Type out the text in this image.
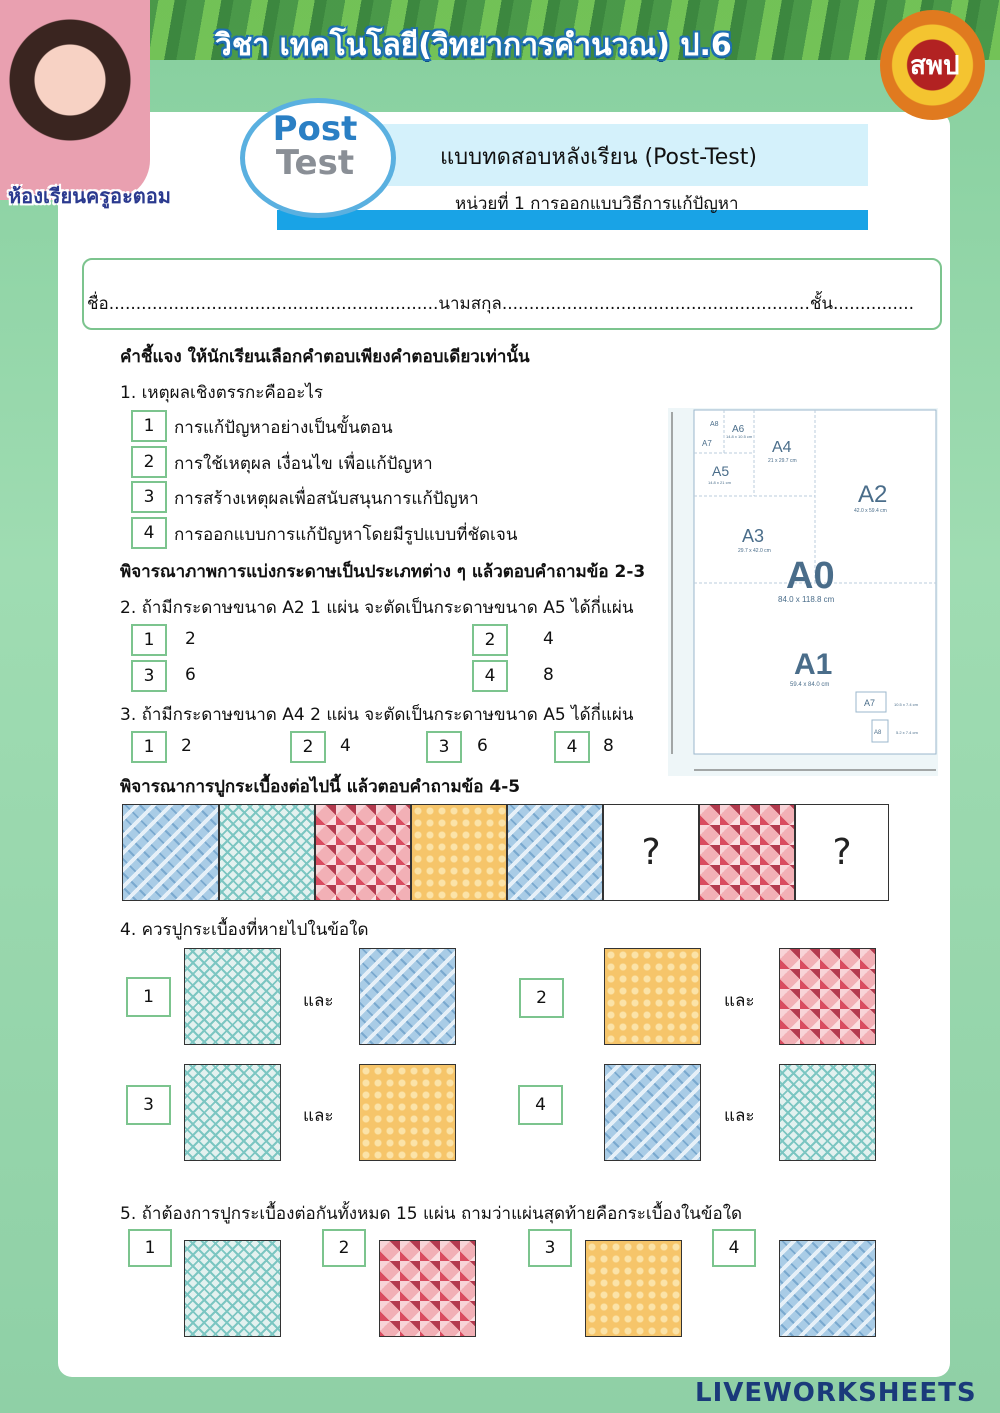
ห้องเรียนครูอะตอม
วิชา เทคโนโลยี(วิทยาการคำนวณ) ป.6
สพป
แบบทดสอบหลังเรียน (Post-Test)
หน่วยที่ 1 การออกแบบวิธีการแก้ปัญหา
Post
Test
ชื่อ.............................................................นามสกุล.........................................................ชั้น...............
คำชี้แจง ให้นักเรียนเลือกคำตอบเพียงคำตอบเดียวเท่านั้น
1. เหตุผลเชิงตรรกะคืออะไร
1	การแก้ปัญหาอย่างเป็นขั้นตอน
2	การใช้เหตุผล เงื่อนไข เพื่อแก้ปัญหา
3	การสร้างเหตุผลเพื่อสนับสนุนการแก้ปัญหา
4	การออกแบบการแก้ปัญหาโดยมีรูปแบบที่ชัดเจน
พิจารณาภาพการแบ่งกระดาษเป็นประเภทต่าง ๆ แล้วตอบคำถามข้อ 2-3
2. ถ้ามีกระดาษขนาด A2 1 แผ่น จะตัดเป็นกระดาษขนาด A5 ได้กี่แผ่น
1	2	2	4
3	6	4	8
3. ถ้ามีกระดาษขนาด A4 2 แผ่น จะตัดเป็นกระดาษขนาด A5 ได้กี่แผ่น
1	2	2	4	3	6	4	8
A8 A6
14.8 x 10.5 cm
A7	A4
21 x 29.7 cm
A5
14.8 x 21 cm	A2
42.0 x 59.4 cm
A3
29.7 x 42.0 cm
A0
84.0 x 118.8 cm
A1
59.4 x 84.0 cm
A7	10.5 x 7.4 cm
A8	5.2 x 7.4 cm
พิจารณาการปูกระเบื้องต่อไปนี้ แล้วตอบคำถามข้อ 4-5
?	?
4. ควรปูกระเบื้องที่หายไปในข้อใด
1	และ	2	และ
3
และ
4
และ
5. ถ้าต้องการปูกระเบื้องต่อกันทั้งหมด 15 แผ่น ถามว่าแผ่นสุดท้ายคือกระเบื้องในข้อใด
1	2	3	4
LIVEWORKSHEETS
